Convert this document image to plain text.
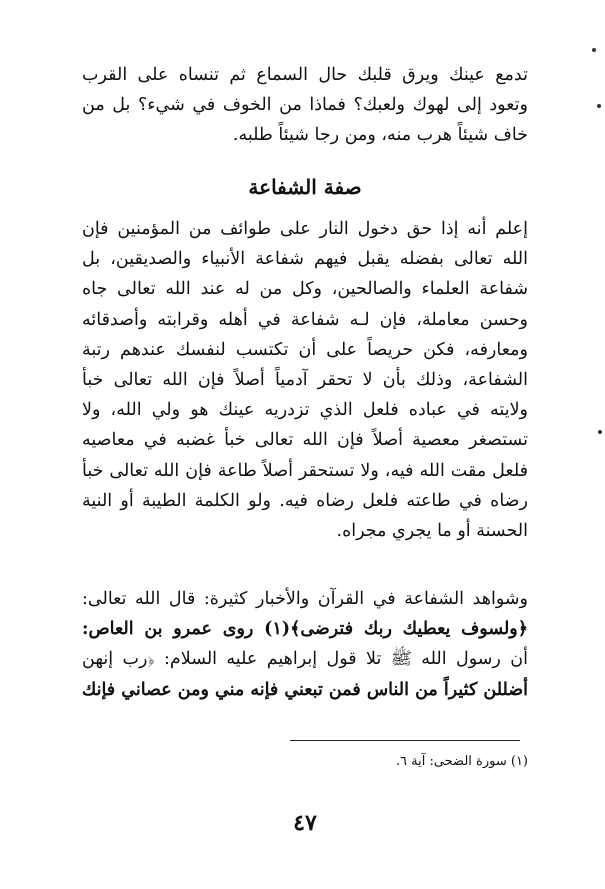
تدمع عينك ويرق قلبك حال السماع ثم تنساه على القرب
وتعود إلى لهوك ولعبك؟ فماذا من الخوف في شيء؟ بل من
خاف شيئاً هرب منه، ومن رجا شيئاً طلبه.
صفة الشفاعة
إعلم أنه إذا حق دخول النار على طوائف من المؤمنين فإن
الله تعالى بفضله يقبل فيهم شفاعة الأنبياء والصديقين، بل
شفاعة العلماء والصالحين، وكل من له عند الله تعالى جاه
وحسن معاملة، فإن لـه شفاعة في أهله وقرابته وأصدقائه
ومعارفه، فكن حريصاً على أن تكتسب لنفسك عندهم رتبة
الشفاعة، وذلك بأن لا تحقر آدمياً أصلاً فإن الله تعالى خبأ
ولايته في عباده فلعل الذي تزدريه عينك هو ولي الله، ولا
تستصغر معصية أصلاً فإن الله تعالى خبأ غضبه في معاصيه
فلعل مقت الله فيه، ولا تستحقر أصلاً طاعة فإن الله تعالى خبأ
رضاه في طاعته فلعل رضاه فيه. ولو الكلمة الطيبة أو النية
الحسنة أو ما يجري مجراه.
وشواهد الشفاعة في القرآن والأخبار كثيرة: قال الله تعالى:
﴿ولسوف يعطيك ربك فترضى﴾(١) روى عمرو بن العاص:
أن رسول الله ﷺ تلا قول إبراهيم عليه السلام: ﴿رب إنهن
أضللن كثيراً من الناس فمن تبعني فإنه مني ومن عصاني فإنك
(١) سورة الضحى: آية ٦.
٤٧
